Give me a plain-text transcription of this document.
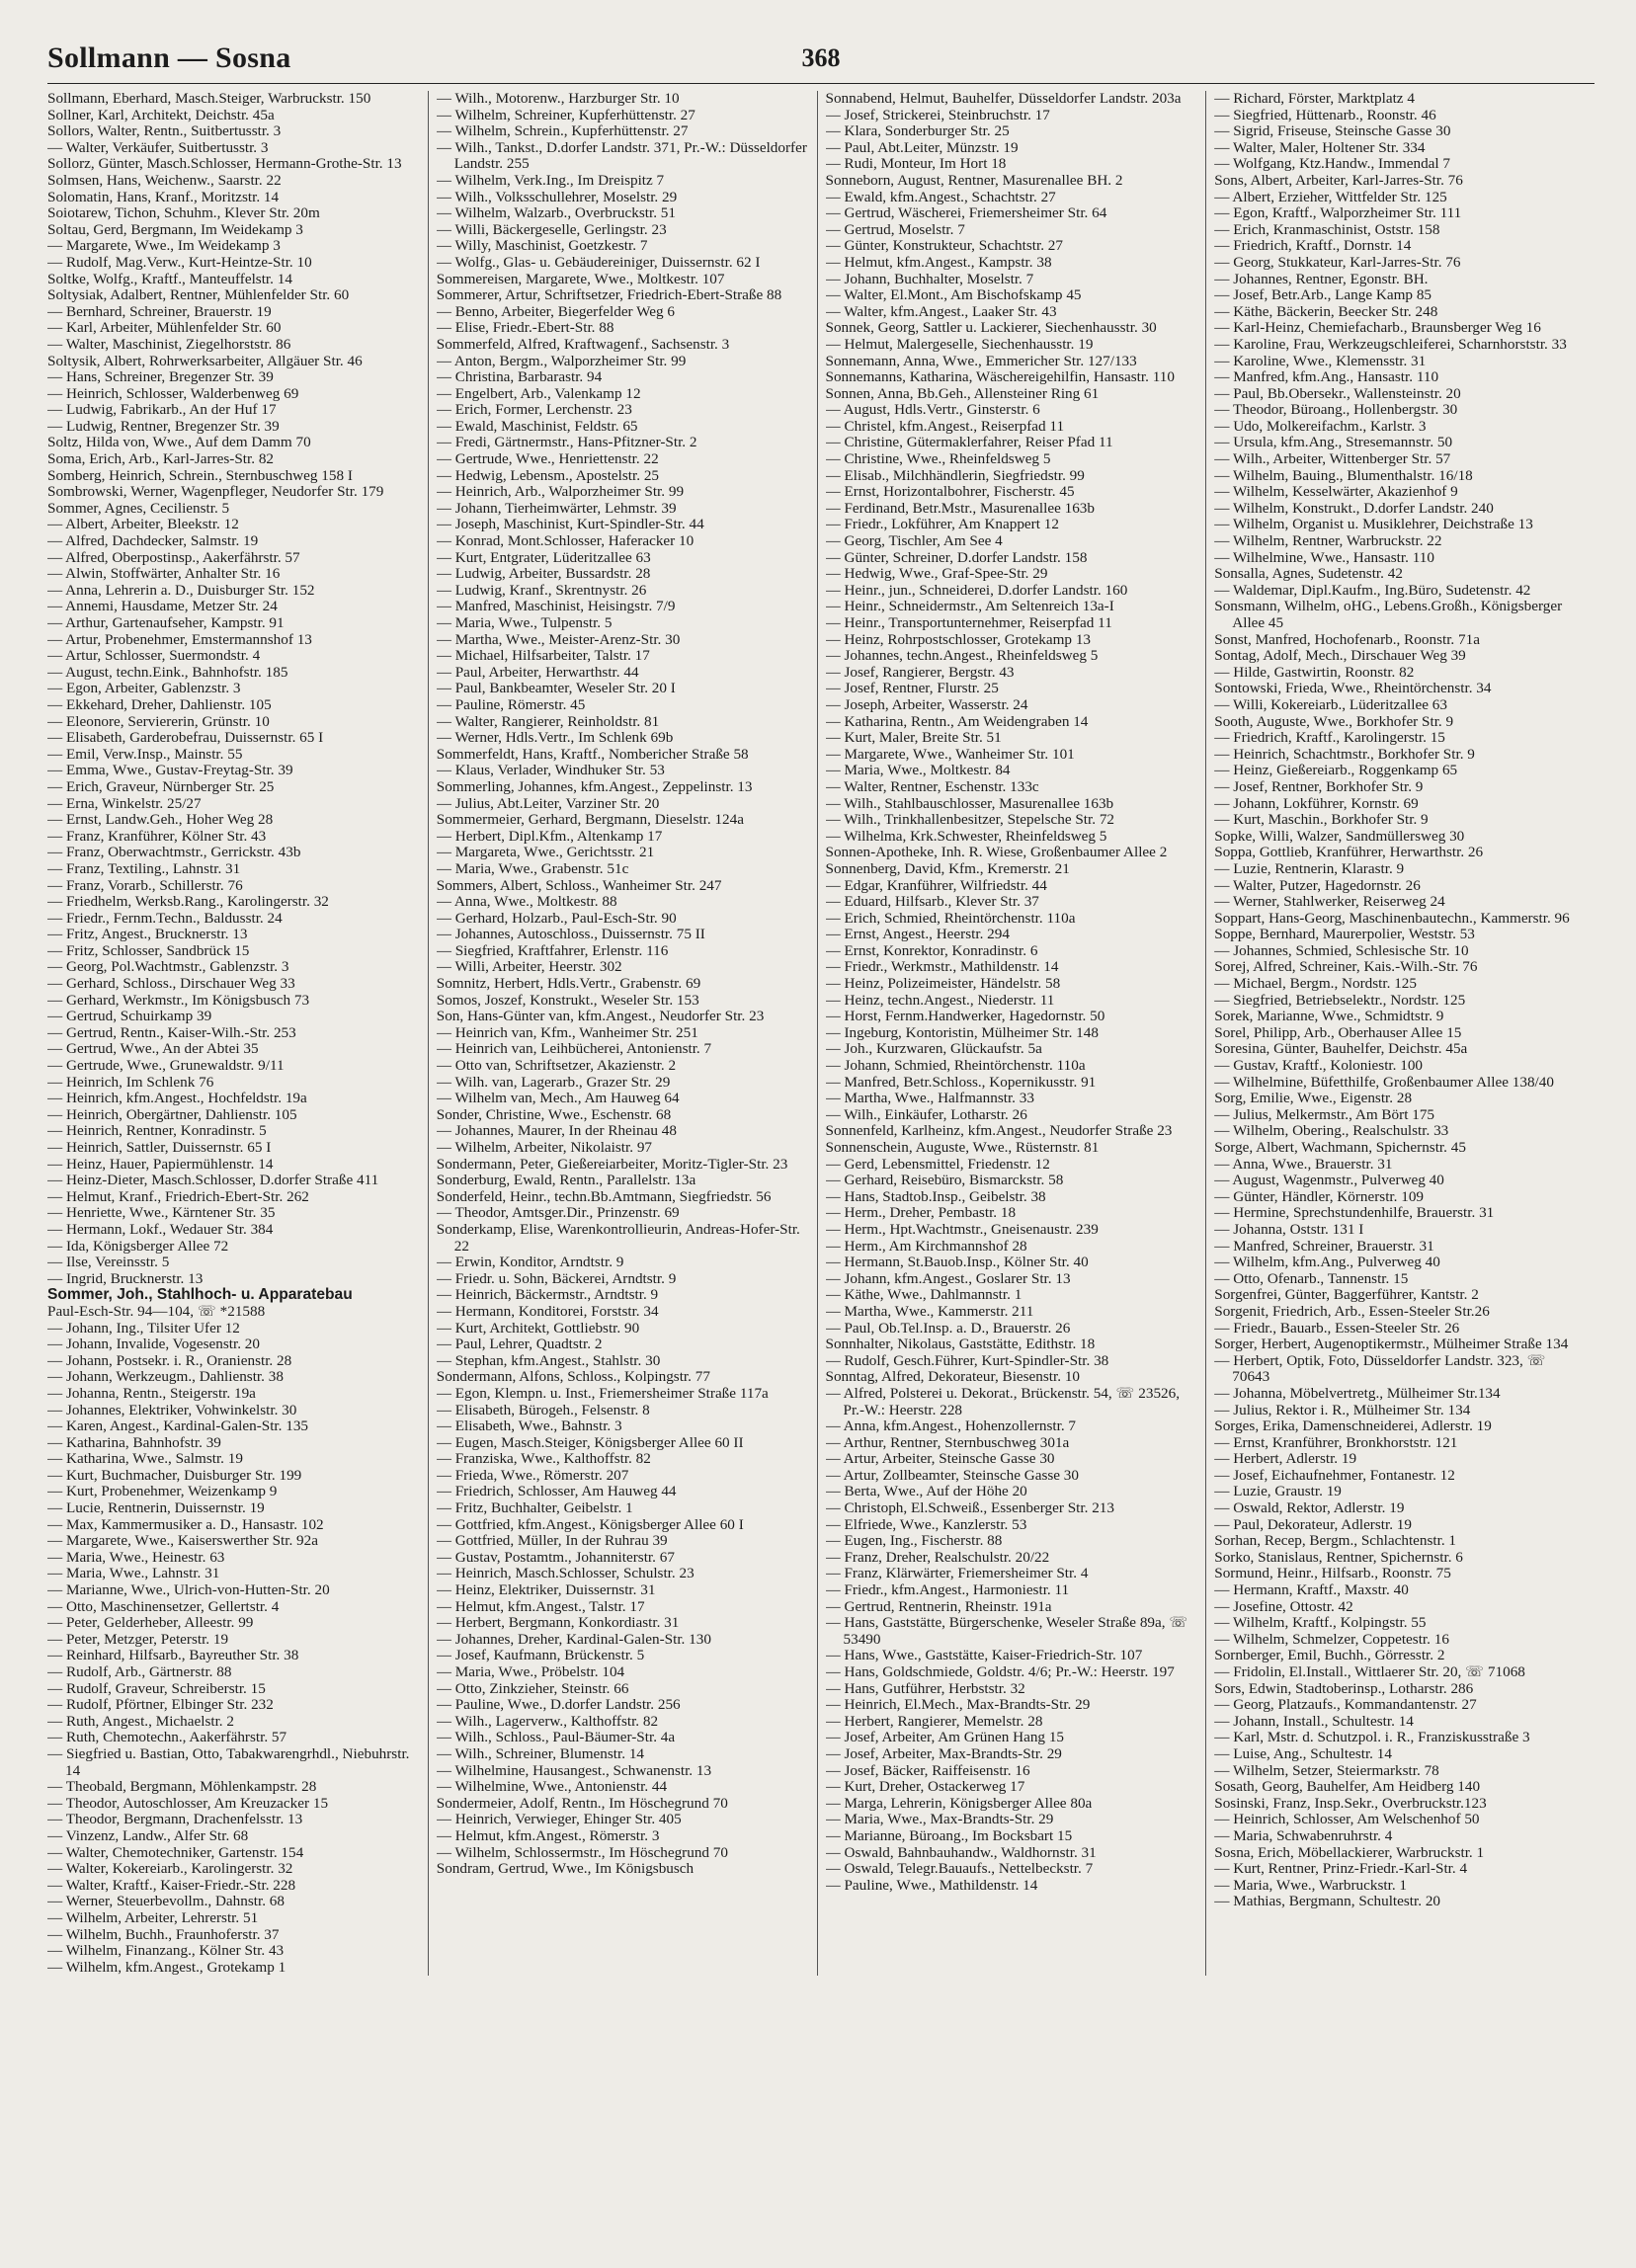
Sollmann — Sosna	368
Sollmann, Eberhard, Masch.Steiger, Warbruckstr. 150
Sollner, Karl, Architekt, Deichstr. 45a
Sollors, Walter, Rentn., Suitbertusstr. 3
— Walter, Verkäufer, Suitbertusstr. 3
Sollorz, Günter, Masch.Schlosser, Hermann-Grothe-Str. 13
Solmsen, Hans, Weichenw., Saarstr. 22
Solomatin, Hans, Kranf., Moritzstr. 14
Soiotarew, Tichon, Schuhm., Klever Str. 20m
Soltau, Gerd, Bergmann, Im Weidekamp 3
— Margarete, Wwe., Im Weidekamp 3
— Rudolf, Mag.Verw., Kurt-Heintze-Str. 10
Soltke, Wolfg., Kraftf., Manteuffelstr. 14
Soltysiak, Adalbert, Rentner, Mühlenfelder Str. 60
— Bernhard, Schreiner, Brauerstr. 19
— Karl, Arbeiter, Mühlenfelder Str. 60
— Walter, Maschinist, Ziegelhorststr. 86
Soltysik, Albert, Rohrwerksarbeiter, Allgäuer Str. 46
— Hans, Schreiner, Bregenzer Str. 39
— Heinrich, Schlosser, Walderbenweg 69
— Ludwig, Fabrikarb., An der Huf 17
— Ludwig, Rentner, Bregenzer Str. 39
Soltz, Hilda von, Wwe., Auf dem Damm 70
Soma, Erich, Arb., Karl-Jarres-Str. 82
Somberg, Heinrich, Schrein., Sternbuschweg 158 I
Sombrowski, Werner, Wagenpfleger, Neudorfer Str. 179
Sommer, Agnes, Cecilienstr. 5
— Albert, Arbeiter, Bleekstr. 12
— Alfred, Dachdecker, Salmstr. 19
— Alfred, Oberpostinsp., Aakerfährstr. 57
— Alwin, Stoffwärter, Anhalter Str. 16
— Anna, Lehrerin a. D., Duisburger Str. 152
— Annemi, Hausdame, Metzer Str. 24
— Arthur, Gartenaufseher, Kampstr. 91
— Artur, Probenehmer, Emstermannshof 13
— Artur, Schlosser, Suermondstr. 4
— August, techn.Eink., Bahnhofstr. 185
— Egon, Arbeiter, Gablenzstr. 3
— Ekkehard, Dreher, Dahlienstr. 105
— Eleonore, Serviererin, Grünstr. 10
— Elisabeth, Garderobefrau, Duissernstr. 65 I
— Emil, Verw.Insp., Mainstr. 55
— Emma, Wwe., Gustav-Freytag-Str. 39
— Erich, Graveur, Nürnberger Str. 25
— Erna, Winkelstr. 25/27
— Ernst, Landw.Geh., Hoher Weg 28
— Franz, Kranführer, Kölner Str. 43
— Franz, Oberwachtmstr., Gerrickstr. 43b
— Franz, Textiling., Lahnstr. 31
— Franz, Vorarb., Schillerstr. 76
— Friedhelm, Werksb.Rang., Karolingerstr. 32
— Friedr., Fernm.Techn., Baldusstr. 24
— Fritz, Angest., Brucknerstr. 13
— Fritz, Schlosser, Sandbrück 15
— Georg, Pol.Wachtmstr., Gablenzstr. 3
— Gerhard, Schloss., Dirschauer Weg 33
— Gerhard, Werkmstr., Im Königsbusch 73
— Gertrud, Schuirkamp 39
— Gertrud, Rentn., Kaiser-Wilh.-Str. 253
— Gertrud, Wwe., An der Abtei 35
— Gertrude, Wwe., Grunewaldstr. 9/11
— Heinrich, Im Schlenk 76
— Heinrich, kfm.Angest., Hochfeldstr. 19a
— Heinrich, Obergärtner, Dahlienstr. 105
— Heinrich, Rentner, Konradinstr. 5
— Heinrich, Sattler, Duissernstr. 65 I
— Heinz, Hauer, Papiermühlenstr. 14
— Heinz-Dieter, Masch.Schlosser, D.dorfer Straße 411
— Helmut, Kranf., Friedrich-Ebert-Str. 262
— Henriette, Wwe., Kärntener Str. 35
— Hermann, Lokf., Wedauer Str. 384
— Ida, Königsberger Allee 72
— Ilse, Vereinsstr. 5
— Ingrid, Brucknerstr. 13
Sommer, Joh., Stahlhoch- u. Apparatebau
Paul-Esch-Str. 94—104, ☏ *21588
— Johann, Ing., Tilsiter Ufer 12
— Johann, Invalide, Vogesenstr. 20
— Johann, Postsekr. i. R., Oranienstr. 28
— Johann, Werkzeugm., Dahlienstr. 38
— Johanna, Rentn., Steigerstr. 19a
— Johannes, Elektriker, Vohwinkelstr. 30
— Karen, Angest., Kardinal-Galen-Str. 135
— Katharina, Bahnhofstr. 39
— Katharina, Wwe., Salmstr. 19
— Kurt, Buchmacher, Duisburger Str. 199
— Kurt, Probenehmer, Weizenkamp 9
— Lucie, Rentnerin, Duissernstr. 19
— Max, Kammermusiker a. D., Hansastr. 102
— Margarete, Wwe., Kaiserswerther Str. 92a
— Maria, Wwe., Heinestr. 63
— Maria, Wwe., Lahnstr. 31
— Marianne, Wwe., Ulrich-von-Hutten-Str. 20
— Otto, Maschinensetzer, Gellertstr. 4
— Peter, Gelderheber, Alleestr. 99
— Peter, Metzger, Peterstr. 19
— Reinhard, Hilfsarb., Bayreuther Str. 38
— Rudolf, Arb., Gärtnerstr. 88
— Rudolf, Graveur, Schreiberstr. 15
— Rudolf, Pförtner, Elbinger Str. 232
— Ruth, Angest., Michaelstr. 2
— Ruth, Chemotechn., Aakerfährstr. 57
— Siegfried u. Bastian, Otto, Tabakwarengrhdl., Niebuhrstr. 14
— Theobald, Bergmann, Möhlenkampstr. 28
— Theodor, Autoschlosser, Am Kreuzacker 15
— Theodor, Bergmann, Drachenfelsstr. 13
— Vinzenz, Landw., Alfer Str. 68
— Walter, Chemotechniker, Gartenstr. 154
— Walter, Kokereiarb., Karolingerstr. 32
— Walter, Kraftf., Kaiser-Friedr.-Str. 228
— Werner, Steuerbevollm., Dahnstr. 68
— Wilhelm, Arbeiter, Lehrerstr. 51
— Wilhelm, Buchh., Fraunhoferstr. 37
— Wilhelm, Finanzang., Kölner Str. 43
— Wilhelm, kfm.Angest., Grotekamp 1
— Wilh., Motorenw., Harzburger Str. 10
— Wilhelm, Schreiner, Kupferhüttenstr. 27
— Wilhelm, Schrein., Kupferhüttenstr. 27
— Wilh., Tankst., D.dorfer Landstr. 371, Pr.-W.: Düsseldorfer Landstr. 255
— Wilhelm, Verk.Ing., Im Dreispitz 7
— Wilh., Volksschullehrer, Moselstr. 29
— Wilhelm, Walzarb., Overbruckstr. 51
— Willi, Bäckergeselle, Gerlingstr. 23
— Willy, Maschinist, Goetzkestr. 7
— Wolfg., Glas- u. Gebäudereiniger, Duissernstr. 62 I
Sommereisen, Margarete, Wwe., Moltkestr. 107
Sommerer, Artur, Schriftsetzer, Friedrich-Ebert-Straße 88
— Benno, Arbeiter, Biegerfelder Weg 6
— Elise, Friedr.-Ebert-Str. 88
Sommerfeld, Alfred, Kraftwagenf., Sachsenstr. 3
— Anton, Bergm., Walporzheimer Str. 99
— Christina, Barbarastr. 94
— Engelbert, Arb., Valenkamp 12
— Erich, Former, Lerchenstr. 23
— Ewald, Maschinist, Feldstr. 65
— Fredi, Gärtnermstr., Hans-Pfitzner-Str. 2
— Gertrude, Wwe., Henriettenstr. 22
— Hedwig, Lebensm., Apostelstr. 25
— Heinrich, Arb., Walporzheimer Str. 99
— Johann, Tierheimwärter, Lehmstr. 39
— Joseph, Maschinist, Kurt-Spindler-Str. 44
— Konrad, Mont.Schlosser, Haferacker 10
— Kurt, Entgrater, Lüderitzallee 63
— Ludwig, Arbeiter, Bussardstr. 28
— Ludwig, Kranf., Skrentnystr. 26
— Manfred, Maschinist, Heisingstr. 7/9
— Maria, Wwe., Tulpenstr. 5
— Martha, Wwe., Meister-Arenz-Str. 30
— Michael, Hilfsarbeiter, Talstr. 17
— Paul, Arbeiter, Herwarthstr. 44
— Paul, Bankbeamter, Weseler Str. 20 I
— Pauline, Römerstr. 45
— Walter, Rangierer, Reinholdstr. 81
— Werner, Hdls.Vertr., Im Schlenk 69b
Sommerfeldt, Hans, Kraftf., Nombericher Straße 58
— Klaus, Verlader, Windhuker Str. 53
Sommerling, Johannes, kfm.Angest., Zeppelinstr. 13
— Julius, Abt.Leiter, Varziner Str. 20
Sommermeier, Gerhard, Bergmann, Dieselstr. 124a
— Herbert, Dipl.Kfm., Altenkamp 17
— Margareta, Wwe., Gerichtsstr. 21
— Maria, Wwe., Grabenstr. 51c
Sommers, Albert, Schloss., Wanheimer Str. 247
— Anna, Wwe., Moltkestr. 88
— Gerhard, Holzarb., Paul-Esch-Str. 90
— Johannes, Autoschloss., Duissernstr. 75 II
— Siegfried, Kraftfahrer, Erlenstr. 116
— Willi, Arbeiter, Heerstr. 302
Somnitz, Herbert, Hdls.Vertr., Grabenstr. 69
Somos, Joszef, Konstrukt., Weseler Str. 153
Son, Hans-Günter van, kfm.Angest., Neudorfer Str. 23
— Heinrich van, Kfm., Wanheimer Str. 251
— Heinrich van, Leihbücherei, Antonienstr. 7
— Otto van, Schriftsetzer, Akazienstr. 2
— Wilh. van, Lagerarb., Grazer Str. 29
— Wilhelm van, Mech., Am Hauweg 64
Sonder, Christine, Wwe., Eschenstr. 68
— Johannes, Maurer, In der Rheinau 48
— Wilhelm, Arbeiter, Nikolaistr. 97
Sondermann, Peter, Gießereiarbeiter, Moritz-Tigler-Str. 23
Sonderburg, Ewald, Rentn., Parallelstr. 13a
Sonderfeld, Heinr., techn.Bb.Amtmann, Siegfriedstr. 56
— Theodor, Amtsger.Dir., Prinzenstr. 69
Sonderkamp, Elise, Warenkontrollieurin, Andreas-Hofer-Str. 22
— Erwin, Konditor, Arndtstr. 9
— Friedr. u. Sohn, Bäckerei, Arndtstr. 9
— Heinrich, Bäckermstr., Arndtstr. 9
— Hermann, Konditorei, Forststr. 34
— Kurt, Architekt, Gottliebstr. 90
— Paul, Lehrer, Quadtstr. 2
— Stephan, kfm.Angest., Stahlstr. 30
Sondermann, Alfons, Schloss., Kolpingstr. 77
— Egon, Klempn. u. Inst., Friemersheimer Straße 117a
— Elisabeth, Bürogeh., Felsenstr. 8
— Elisabeth, Wwe., Bahnstr. 3
— Eugen, Masch.Steiger, Königsberger Allee 60 II
— Franziska, Wwe., Kalthoffstr. 82
— Frieda, Wwe., Römerstr. 207
— Friedrich, Schlosser, Am Hauweg 44
— Fritz, Buchhalter, Geibelstr. 1
— Gottfried, kfm.Angest., Königsberger Allee 60 I
— Gottfried, Müller, In der Ruhrau 39
— Gustav, Postamtm., Johanniterstr. 67
— Heinrich, Masch.Schlosser, Schulstr. 23
— Heinz, Elektriker, Duissernstr. 31
— Helmut, kfm.Angest., Talstr. 17
— Herbert, Bergmann, Konkordiastr. 31
— Johannes, Dreher, Kardinal-Galen-Str. 130
— Josef, Kaufmann, Brückenstr. 5
— Maria, Wwe., Pröbelstr. 104
— Otto, Zinkzieher, Steinstr. 66
— Pauline, Wwe., D.dorfer Landstr. 256
— Wilh., Lagerverw., Kalthoffstr. 82
— Wilh., Schloss., Paul-Bäumer-Str. 4a
— Wilh., Schreiner, Blumenstr. 14
— Wilhelmine, Hausangest., Schwanenstr. 13
— Wilhelmine, Wwe., Antonienstr. 44
Sondermeier, Adolf, Rentn., Im Höschegrund 70
— Heinrich, Verwieger, Ehinger Str. 405
— Helmut, kfm.Angest., Römerstr. 3
— Wilhelm, Schlossermstr., Im Höschegrund 70
Sondram, Gertrud, Wwe., Im Königsbusch
Sonnabend, Helmut, Bauhelfer, Düsseldorfer Landstr. 203a
— Josef, Strickerei, Steinbruchstr. 17
— Klara, Sonderburger Str. 25
— Paul, Abt.Leiter, Münzstr. 19
— Rudi, Monteur, Im Hort 18
Sonneborn, August, Rentner, Masurenallee BH. 2
— Ewald, kfm.Angest., Schachtstr. 27
— Gertrud, Wäscherei, Friemersheimer Str. 64
— Gertrud, Moselstr. 7
— Günter, Konstrukteur, Schachtstr. 27
— Helmut, kfm.Angest., Kampstr. 38
— Johann, Buchhalter, Moselstr. 7
— Walter, El.Mont., Am Bischofskamp 45
— Walter, kfm.Angest., Laaker Str. 43
Sonnek, Georg, Sattler u. Lackierer, Siechenhausstr. 30
— Helmut, Malergeselle, Siechenhausstr. 19
Sonnemann, Anna, Wwe., Emmericher Str. 127/133
Sonnemanns, Katharina, Wäschereigehilfin, Hansastr. 110
Sonnen, Anna, Bb.Geh., Allensteiner Ring 61
— August, Hdls.Vertr., Ginsterstr. 6
— Christel, kfm.Angest., Reiserpfad 11
— Christine, Gütermaklerfahrer, Reiser Pfad 11
— Christine, Wwe., Rheinfeldsweg 5
— Elisab., Milchhändlerin, Siegfriedstr. 99
— Ernst, Horizontalbohrer, Fischerstr. 45
— Ferdinand, Betr.Mstr., Masurenallee 163b
— Friedr., Lokführer, Am Knappert 12
— Georg, Tischler, Am See 4
— Günter, Schreiner, D.dorfer Landstr. 158
— Hedwig, Wwe., Graf-Spee-Str. 29
— Heinr., jun., Schneiderei, D.dorfer Landstr. 160
— Heinr., Schneidermstr., Am Seltenreich 13a-I
— Heinr., Transportunternehmer, Reiserpfad 11
— Heinz, Rohrpostschlosser, Grotekamp 13
— Johannes, techn.Angest., Rheinfeldsweg 5
— Josef, Rangierer, Bergstr. 43
— Josef, Rentner, Flurstr. 25
— Joseph, Arbeiter, Wasserstr. 24
— Katharina, Rentn., Am Weidengraben 14
— Kurt, Maler, Breite Str. 51
— Margarete, Wwe., Wanheimer Str. 101
— Maria, Wwe., Moltkestr. 84
— Walter, Rentner, Eschenstr. 133c
— Wilh., Stahlbauschlosser, Masurenallee 163b
— Wilh., Trinkhallenbesitzer, Stepelsche Str. 72
— Wilhelma, Krk.Schwester, Rheinfeldsweg 5
Sonnen-Apotheke, Inh. R. Wiese, Großenbaumer Allee 2
Sonnenberg, David, Kfm., Kremerstr. 21
— Edgar, Kranführer, Wilfriedstr. 44
— Eduard, Hilfsarb., Klever Str. 37
— Erich, Schmied, Rheintörchenstr. 110a
— Ernst, Angest., Heerstr. 294
— Ernst, Konrektor, Konradinstr. 6
— Friedr., Werkmstr., Mathildenstr. 14
— Heinz, Polizeimeister, Händelstr. 58
— Heinz, techn.Angest., Niederstr. 11
— Horst, Fernm.Handwerker, Hagedornstr. 50
— Ingeburg, Kontoristin, Mülheimer Str. 148
— Joh., Kurzwaren, Glückaufstr. 5a
— Johann, Schmied, Rheintörchenstr. 110a
— Manfred, Betr.Schloss., Kopernikusstr. 91
— Martha, Wwe., Halfmannstr. 33
— Wilh., Einkäufer, Lotharstr. 26
Sonnenfeld, Karlheinz, kfm.Angest., Neudorfer Straße 23
Sonnenschein, Auguste, Wwe., Rüsternstr. 81
— Gerd, Lebensmittel, Friedenstr. 12
— Gerhard, Reisebüro, Bismarckstr. 58
— Hans, Stadtob.Insp., Geibelstr. 38
— Herm., Dreher, Pembastr. 18
— Herm., Hpt.Wachtmstr., Gneisenaustr. 239
— Herm., Am Kirchmannshof 28
— Hermann, St.Bauob.Insp., Kölner Str. 40
— Johann, kfm.Angest., Goslarer Str. 13
— Käthe, Wwe., Dahlmannstr. 1
— Martha, Wwe., Kammerstr. 211
— Paul, Ob.Tel.Insp. a. D., Brauerstr. 26
Sonnhalter, Nikolaus, Gaststätte, Edithstr. 18
— Rudolf, Gesch.Führer, Kurt-Spindler-Str. 38
Sonntag, Alfred, Dekorateur, Biesenstr. 10
— Alfred, Polsterei u. Dekorat., Brückenstr. 54, ☏ 23526, Pr.-W.: Heerstr. 228
— Anna, kfm.Angest., Hohenzollernstr. 7
— Arthur, Rentner, Sternbuschweg 301a
— Artur, Arbeiter, Steinsche Gasse 30
— Artur, Zollbeamter, Steinsche Gasse 30
— Berta, Wwe., Auf der Höhe 20
— Christoph, El.Schweiß., Essenberger Str. 213
— Elfriede, Wwe., Kanzlerstr. 53
— Eugen, Ing., Fischerstr. 88
— Franz, Dreher, Realschulstr. 20/22
— Franz, Klärwärter, Friemersheimer Str. 4
— Friedr., kfm.Angest., Harmoniestr. 11
— Gertrud, Rentnerin, Rheinstr. 191a
— Hans, Gaststätte, Bürgerschenke, Weseler Straße 89a, ☏ 53490
— Hans, Wwe., Gaststätte, Kaiser-Friedrich-Str. 107
— Hans, Goldschmiede, Goldstr. 4/6; Pr.-W.: Heerstr. 197
— Hans, Gutführer, Herbststr. 32
— Heinrich, El.Mech., Max-Brandts-Str. 29
— Herbert, Rangierer, Memelstr. 28
— Josef, Arbeiter, Am Grünen Hang 15
— Josef, Arbeiter, Max-Brandts-Str. 29
— Josef, Bäcker, Raiffeisenstr. 16
— Kurt, Dreher, Ostackerweg 17
— Marga, Lehrerin, Königsberger Allee 80a
— Maria, Wwe., Max-Brandts-Str. 29
— Marianne, Büroang., Im Bocksbart 15
— Oswald, Bahnbauhandw., Waldhornstr. 31
— Oswald, Telegr.Bauaufs., Nettelbeckstr. 7
— Pauline, Wwe., Mathildenstr. 14
— Richard, Förster, Marktplatz 4
— Siegfried, Hüttenarb., Roonstr. 46
— Sigrid, Friseuse, Steinsche Gasse 30
— Walter, Maler, Holtener Str. 334
— Wolfgang, Ktz.Handw., Immendal 7
Sons, Albert, Arbeiter, Karl-Jarres-Str. 76
— Albert, Erzieher, Wittfelder Str. 125
— Egon, Kraftf., Walporzheimer Str. 111
— Erich, Kranmaschinist, Oststr. 158
— Friedrich, Kraftf., Dornstr. 14
— Georg, Stukkateur, Karl-Jarres-Str. 76
— Johannes, Rentner, Egonstr. BH.
— Josef, Betr.Arb., Lange Kamp 85
— Käthe, Bäckerin, Beecker Str. 248
— Karl-Heinz, Chemiefacharb., Braunsberger Weg 16
— Karoline, Frau, Werkzeugschleiferei, Scharnhorststr. 33
— Karoline, Wwe., Klemensstr. 31
— Manfred, kfm.Ang., Hansastr. 110
— Paul, Bb.Obersekr., Wallensteinstr. 20
— Theodor, Büroang., Hollenbergstr. 30
— Udo, Molkereifachm., Karlstr. 3
— Ursula, kfm.Ang., Stresemannstr. 50
— Wilh., Arbeiter, Wittenberger Str. 57
— Wilhelm, Bauing., Blumenthalstr. 16/18
— Wilhelm, Kesselwärter, Akazienhof 9
— Wilhelm, Konstrukt., D.dorfer Landstr. 240
— Wilhelm, Organist u. Musiklehrer, Deichstraße 13
— Wilhelm, Rentner, Warbruckstr. 22
— Wilhelmine, Wwe., Hansastr. 110
Sonsalla, Agnes, Sudetenstr. 42
— Waldemar, Dipl.Kaufm., Ing.Büro, Sudetenstr. 42
Sonsmann, Wilhelm, oHG., Lebens.Großh., Königsberger Allee 45
Sonst, Manfred, Hochofenarb., Roonstr. 71a
Sontag, Adolf, Mech., Dirschauer Weg 39
— Hilde, Gastwirtin, Roonstr. 82
Sontowski, Frieda, Wwe., Rheintörchenstr. 34
— Willi, Kokereiarb., Lüderitzallee 63
Sooth, Auguste, Wwe., Borkhofer Str. 9
— Friedrich, Kraftf., Karolingerstr. 15
— Heinrich, Schachtmstr., Borkhofer Str. 9
— Heinz, Gießereiarb., Roggenkamp 65
— Josef, Rentner, Borkhofer Str. 9
— Johann, Lokführer, Kornstr. 69
— Kurt, Maschin., Borkhofer Str. 9
Sopke, Willi, Walzer, Sandmüllersweg 30
Soppa, Gottlieb, Kranführer, Herwarthstr. 26
— Luzie, Rentnerin, Klarastr. 9
— Walter, Putzer, Hagedornstr. 26
— Werner, Stahlwerker, Reiserweg 24
Soppart, Hans-Georg, Maschinenbautechn., Kammerstr. 96
Soppe, Bernhard, Maurerpolier, Weststr. 53
— Johannes, Schmied, Schlesische Str. 10
Sorej, Alfred, Schreiner, Kais.-Wilh.-Str. 76
— Michael, Bergm., Nordstr. 125
— Siegfried, Betriebselektr., Nordstr. 125
Sorek, Marianne, Wwe., Schmidtstr. 9
Sorel, Philipp, Arb., Oberhauser Allee 15
Soresina, Günter, Bauhelfer, Deichstr. 45a
— Gustav, Kraftf., Koloniestr. 100
— Wilhelmine, Büfetthilfe, Großenbaumer Allee 138/40
Sorg, Emilie, Wwe., Eigenstr. 28
— Julius, Melkermstr., Am Bört 175
— Wilhelm, Obering., Realschulstr. 33
Sorge, Albert, Wachmann, Spichernstr. 45
— Anna, Wwe., Brauerstr. 31
— August, Wagenmstr., Pulverweg 40
— Günter, Händler, Körnerstr. 109
— Hermine, Sprechstundenhilfe, Brauerstr. 31
— Johanna, Oststr. 131 I
— Manfred, Schreiner, Brauerstr. 31
— Wilhelm, kfm.Ang., Pulverweg 40
— Otto, Ofenarb., Tannenstr. 15
Sorgenfrei, Günter, Baggerführer, Kantstr. 2
Sorgenit, Friedrich, Arb., Essen-Steeler Str.26
— Friedr., Bauarb., Essen-Steeler Str. 26
Sorger, Herbert, Augenoptikermstr., Mülheimer Straße 134
— Herbert, Optik, Foto, Düsseldorfer Landstr. 323, ☏ 70643
— Johanna, Möbelvertretg., Mülheimer Str.134
— Julius, Rektor i. R., Mülheimer Str. 134
Sorges, Erika, Damenschneiderei, Adlerstr. 19
— Ernst, Kranführer, Bronkhorststr. 121
— Herbert, Adlerstr. 19
— Josef, Eichaufnehmer, Fontanestr. 12
— Luzie, Graustr. 19
— Oswald, Rektor, Adlerstr. 19
— Paul, Dekorateur, Adlerstr. 19
Sorhan, Recep, Bergm., Schlachtenstr. 1
Sorko, Stanislaus, Rentner, Spichernstr. 6
Sormund, Heinr., Hilfsarb., Roonstr. 75
— Hermann, Kraftf., Maxstr. 40
— Josefine, Ottostr. 42
— Wilhelm, Kraftf., Kolpingstr. 55
— Wilhelm, Schmelzer, Coppetestr. 16
Sornberger, Emil, Buchh., Görresstr. 2
— Fridolin, El.Install., Wittlaerer Str. 20, ☏ 71068
Sors, Edwin, Stadtoberinsp., Lotharstr. 286
— Georg, Platzaufs., Kommandantenstr. 27
— Johann, Install., Schultestr. 14
— Karl, Mstr. d. Schutzpol. i. R., Franziskusstraße 3
— Luise, Ang., Schultestr. 14
— Wilhelm, Setzer, Steiermarkstr. 78
Sosath, Georg, Bauhelfer, Am Heidberg 140
Sosinski, Franz, Insp.Sekr., Overbruckstr.123
— Heinrich, Schlosser, Am Welschenhof 50
— Maria, Schwabenruhrstr. 4
Sosna, Erich, Möbellackierer, Warbruckstr. 1
— Kurt, Rentner, Prinz-Friedr.-Karl-Str. 4
— Maria, Wwe., Warbruckstr. 1
— Mathias, Bergmann, Schultestr. 20
